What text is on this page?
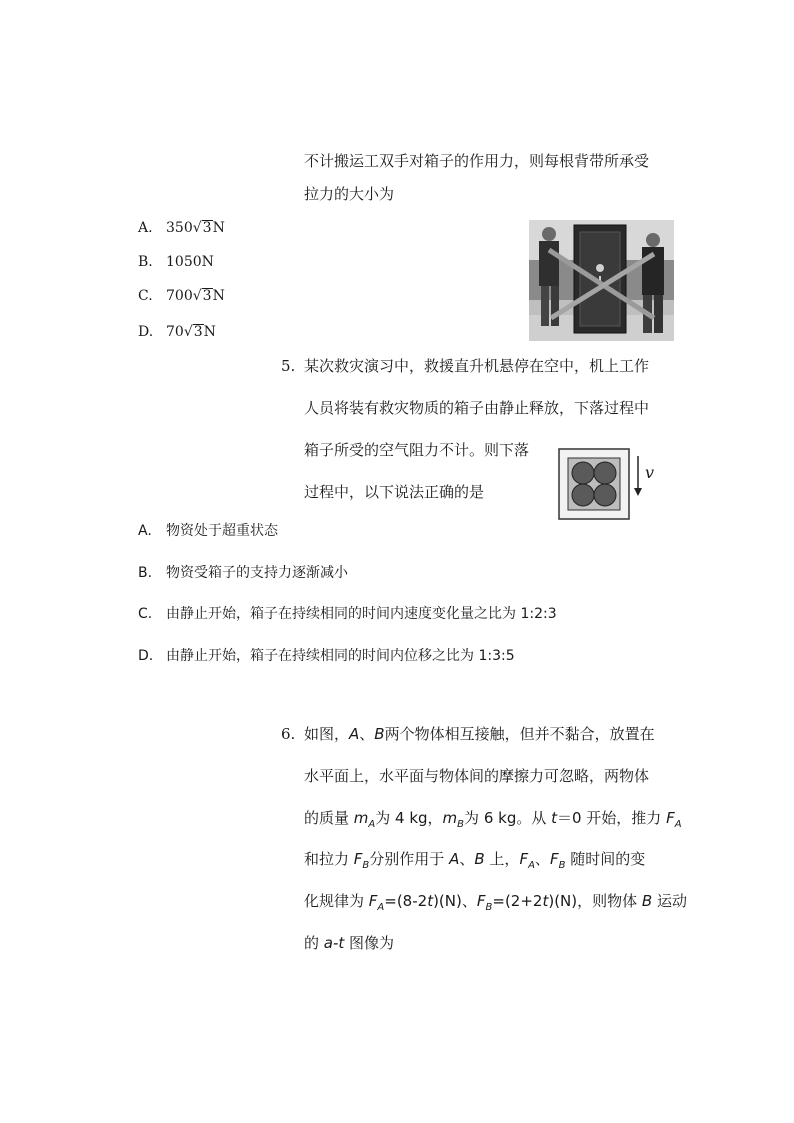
不计搬运工双手对箱子的作用力，则每根背带所承受
拉力的大小为
A. 350√3N
B. 1050N
C. 700√3N
D. 70√3N
5. 某次救灾演习中，救援直升机悬停在空中，机上工作
人员将装有救灾物质的箱子由静止释放，下落过程中
箱子所受的空气阻力不计。则下落
过程中，以下说法正确的是
v
A. 物资处于超重状态
B. 物资受箱子的支持力逐渐减小
C. 由静止开始，箱子在持续相同的时间内速度变化量之比为 1:2:3
D. 由静止开始，箱子在持续相同的时间内位移之比为 1:3:5
6. 如图，A、B两个物体相互接触，但并不黏合，放置在
水平面上，水平面与物体间的摩擦力可忽略，两物体
的质量 $m_A$为 4 kg，$m_B$为 6 kg。从 t＝0 开始，推力 $F_A$
和拉力 $F_B$分别作用于 A、B 上，$F_A$、$F_B$ 随时间的变
化规律为 $F_A=(8-2t)(N)$、$F_B=(2+2t)(N)$，则物体 B 运动
的 a-t 图像为
